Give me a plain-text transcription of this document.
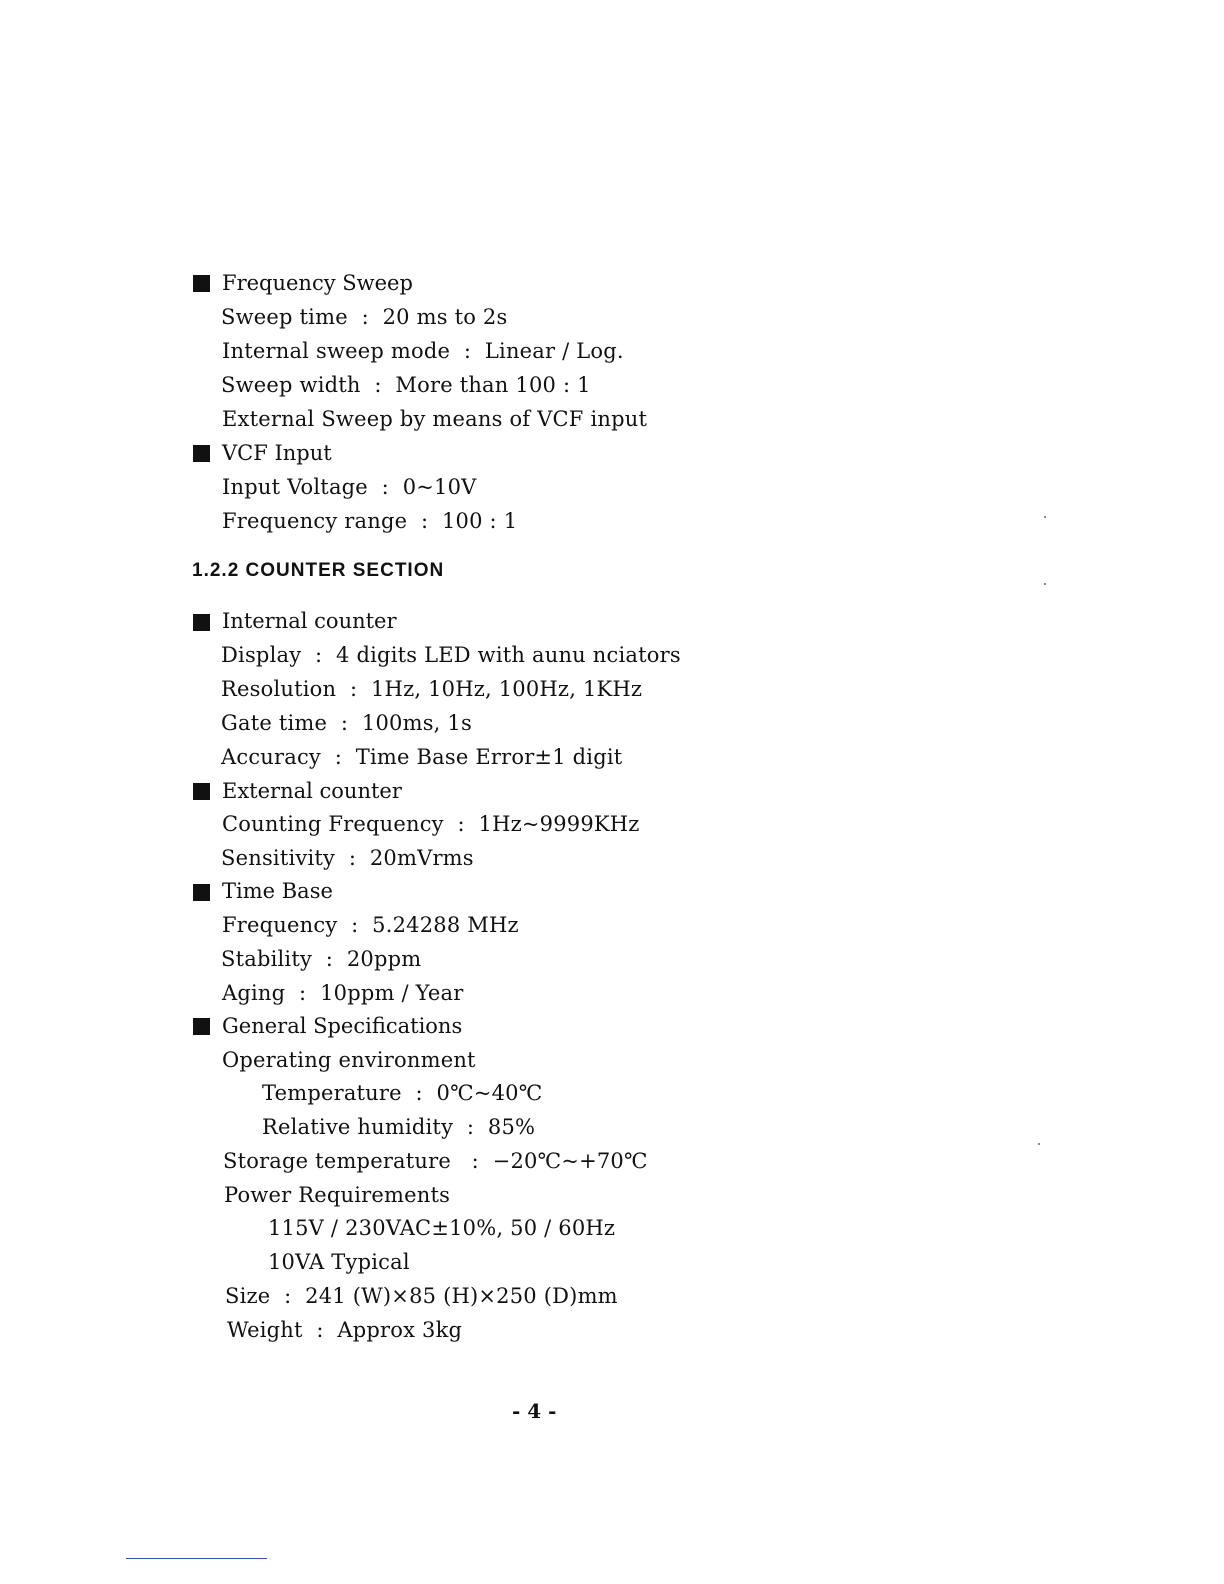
Frequency Sweep
Sweep time  :  20 ms to 2s
Internal sweep mode  :  Linear / Log.
Sweep width  :  More than 100 : 1
External Sweep by means of VCF input
VCF Input
Input Voltage  :  0~10V
Frequency range  :  100 : 1
1.2.2 COUNTER SECTION
Internal counter
Display  :  4 digits LED with aunu nciators
Resolution  :  1Hz, 10Hz, 100Hz, 1KHz
Gate time  :  100ms, 1s
Accuracy  :  Time Base Error±1 digit
External counter
Counting Frequency  :  1Hz~9999KHz
Sensitivity  :  20mVrms
Time Base
Frequency  :  5.24288 MHz
Stability  :  20ppm
Aging  :  10ppm / Year
General Specifications
Operating environment
Temperature  :  0℃~40℃
Relative humidity  :  85%
Storage temperature   :  −20℃~+70℃
Power Requirements
115V / 230VAC±10%, 50 / 60Hz
10VA Typical
Size  :  241 (W)×85 (H)×250 (D)mm
Weight  :  Approx 3kg
- 4 -
